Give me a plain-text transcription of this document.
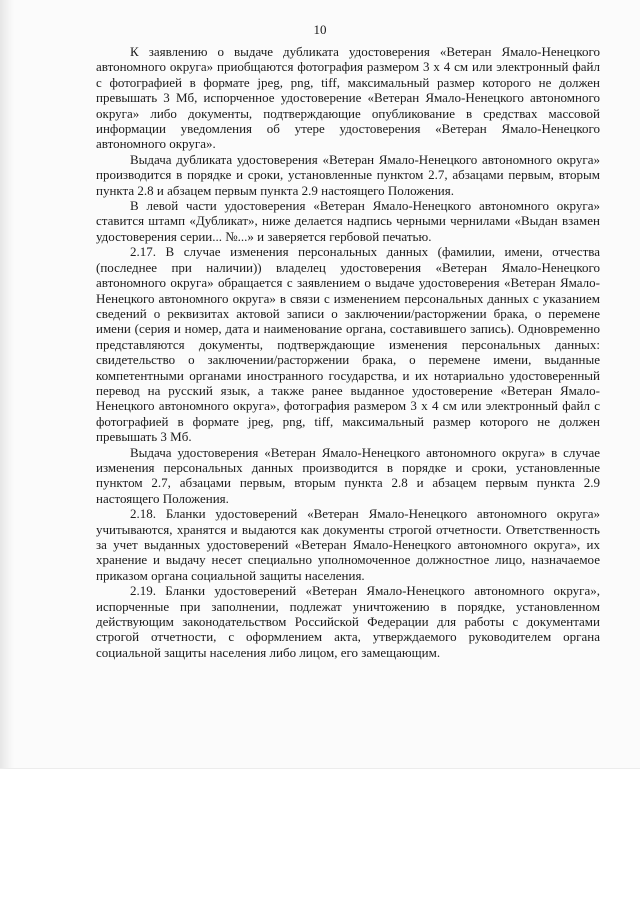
10

К заявлению о выдаче дубликата удостоверения «Ветеран Ямало-Ненецкого автономного округа» приобщаются фотография размером 3 х 4 см или электронный файл с фотографией в формате jpeg, png, tiff, максимальный размер которого не должен превышать 3 Мб, испорченное удостоверение «Ветеран Ямало-Ненецкого автономного округа» либо документы, подтверждающие опубликование в средствах массовой информации уведомления об утере удостоверения «Ветеран Ямало-Ненецкого автономного округа».

Выдача дубликата удостоверения «Ветеран Ямало-Ненецкого автономного округа» производится в порядке и сроки, установленные пунктом 2.7, абзацами первым, вторым пункта 2.8 и абзацем первым пункта 2.9 настоящего Положения.

В левой части удостоверения «Ветеран Ямало-Ненецкого автономного округа» ставится штамп «Дубликат», ниже делается надпись черными чернилами «Выдан взамен удостоверения серии... №...» и заверяется гербовой печатью.

2.17. В случае изменения персональных данных (фамилии, имени, отчества (последнее при наличии)) владелец удостоверения «Ветеран Ямало-Ненецкого автономного округа» обращается с заявлением о выдаче удостоверения «Ветеран Ямало-Ненецкого автономного округа» в связи с изменением персональных данных с указанием сведений о реквизитах актовой записи о заключении/расторжении брака, о перемене имени (серия и номер, дата и наименование органа, составившего запись). Одновременно представляются документы, подтверждающие изменения персональных данных: свидетельство о заключении/расторжении брака, о перемене имени, выданные компетентными органами иностранного государства, и их нотариально удостоверенный перевод на русский язык, а также ранее выданное удостоверение «Ветеран Ямало-Ненецкого автономного округа», фотография размером 3 х 4 см или электронный файл с фотографией в формате jpeg, png, tiff, максимальный размер которого не должен превышать 3 Мб.

Выдача удостоверения «Ветеран Ямало-Ненецкого автономного округа» в случае изменения персональных данных производится в порядке и сроки, установленные пунктом 2.7, абзацами первым, вторым пункта 2.8 и абзацем первым пункта 2.9 настоящего Положения.

2.18. Бланки удостоверений «Ветеран Ямало-Ненецкого автономного округа» учитываются, хранятся и выдаются как документы строгой отчетности. Ответственность за учет выданных удостоверений «Ветеран Ямало-Ненецкого автономного округа», их хранение и выдачу несет специально уполномоченное должностное лицо, назначаемое приказом органа социальной защиты населения.

2.19. Бланки удостоверений «Ветеран Ямало-Ненецкого автономного округа», испорченные при заполнении, подлежат уничтожению в порядке, установленном действующим законодательством Российской Федерации для работы с документами строгой отчетности, с оформлением акта, утверждаемого руководителем органа социальной защиты населения либо лицом, его замещающим.
